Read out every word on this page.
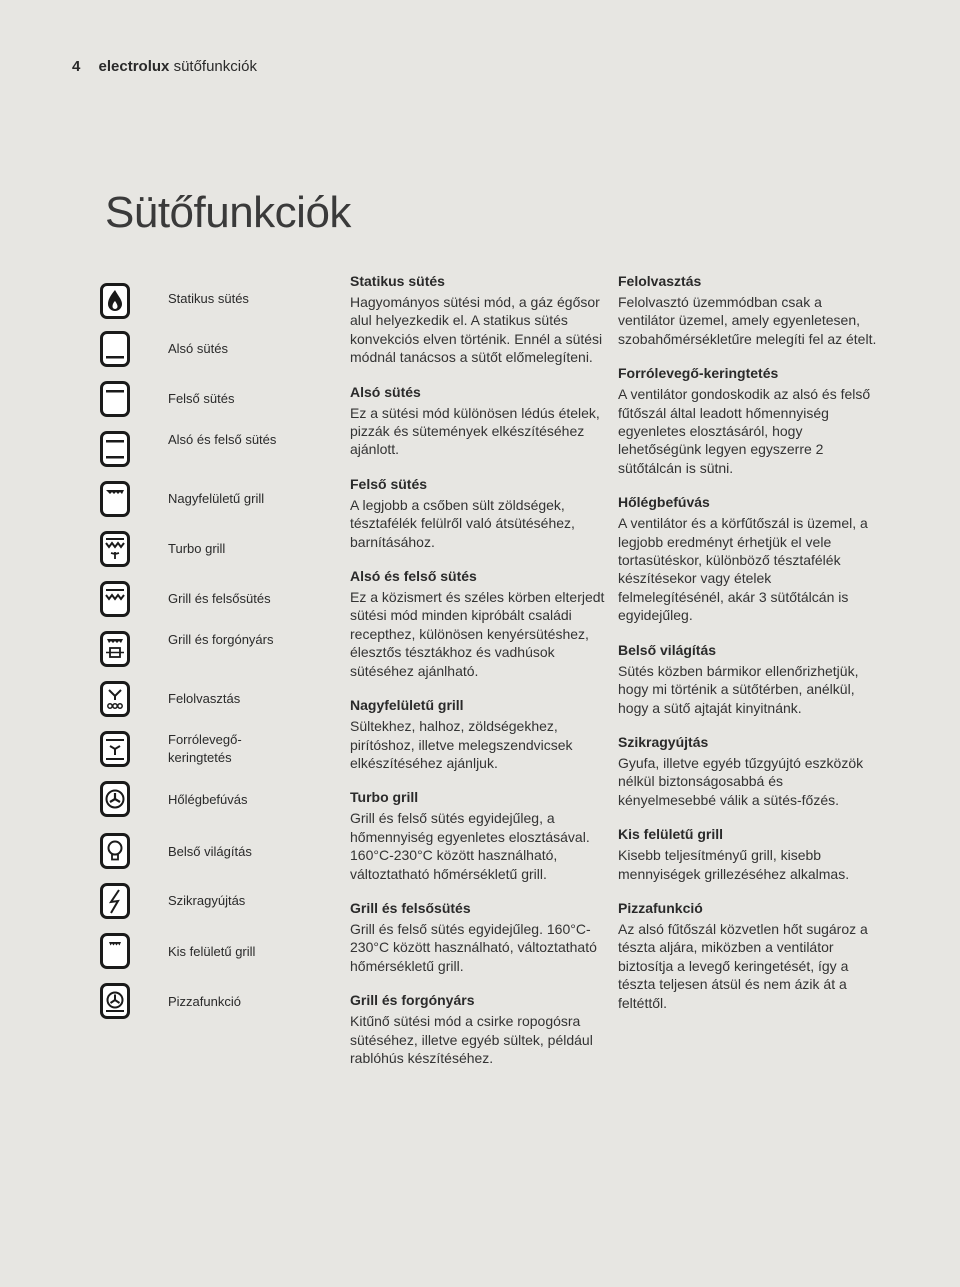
4 electrolux sütőfunkciók
Sütőfunkciók
Statikus sütés
Alsó sütés
Felső sütés
Alsó és felső sütés
Nagyfelületű grill
Turbo grill
Grill és felsősütés
Grill és forgónyárs
Felolvasztás
Forrólevegő-keringtetés
Hőlégbefúvás
Belső világítás
Szikragyújtás
Kis felületű grill
Pizzafunkció
Statikus sütés

Hagyományos sütési mód, a gáz égősor alul helyezkedik el. A statikus sütés konvekciós elven történik. Ennél a sütési módnál tanácsos a sütőt előmelegíteni.

Alsó sütés

Ez a sütési mód különösen lédús ételek, pizzák és sütemények elkészítéséhez ajánlott.

Felső sütés

A legjobb a csőben sült zöldségek, tésztafélék felülről való átsütéséhez, barnításához.

Alsó és felső sütés

Ez a közismert és széles körben elterjedt sütési mód minden kipróbált családi recepthez, különösen kenyérsütéshez, élesztős tésztákhoz és vadhúsok sütéséhez ajánlható.

Nagyfelületű grill

Sültekhez, halhoz, zöldségekhez, pirítóshoz, illetve melegszendvicsek elkészítéséhez ajánljuk.

Turbo grill

Grill és felső sütés egyidejűleg, a hőmennyiség egyenletes elosztásával. 160°C-230°C között használható, változtatható hőmérsékletű grill.

Grill és felsősütés

Grill és felső sütés egyidejűleg. 160°C-230°C között használható, változtatható hőmérsékletű grill.

Grill és forgónyárs

Kitűnő sütési mód a csirke ropogósra sütéséhez, illetve egyéb sültek, például rablóhús készítéséhez.

Felolvasztás

Felolvasztó üzemmódban csak a ventilátor üzemel, amely egyenletesen, szobahőmérsékletűre melegíti fel az ételt.

Forrólevegő-keringtetés

A ventilátor gondoskodik az alsó és felső fűtőszál által leadott hőmennyiség egyenletes elosztásáról, hogy lehetőségünk legyen egyszerre 2 sütőtálcán is sütni.

Hőlégbefúvás

A ventilátor és a körfűtőszál is üzemel, a legjobb eredményt érhetjük el vele tortasütéskor, különböző tésztafélék készítésekor vagy ételek felmelegítésénél, akár 3 sütőtálcán is egyidejűleg.

Belső világítás

Sütés közben bármikor ellenőrizhetjük, hogy mi történik a sütőtérben, anélkül, hogy a sütő ajtaját kinyitnánk.

Szikragyújtás

Gyufa, illetve egyéb tűzgyújtó eszközök nélkül biztonságosabbá és kényelmesebbé válik a sütés-főzés.

Kis felületű grill

Kisebb teljesítményű grill, kisebb mennyiségek grillezéséhez alkalmas.

Pizzafunkció

Az alsó fűtőszál közvetlen hőt sugároz a tészta aljára, miközben a ventilátor biztosítja a levegő keringetését, így a tészta teljesen átsül és nem ázik át a feltéttől.
